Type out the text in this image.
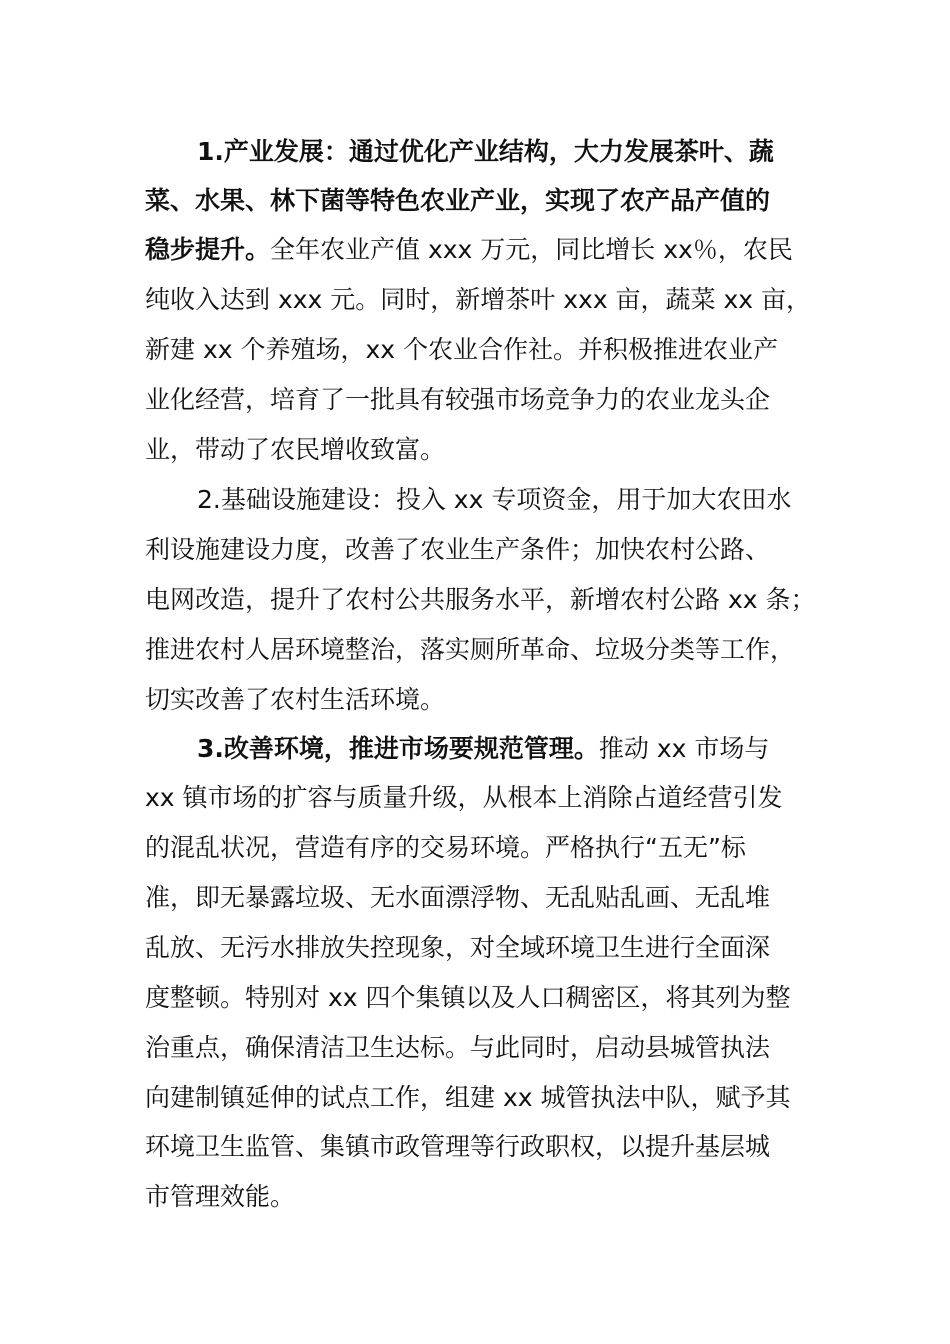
1.产业发展：通过优化产业结构，大力发展茶叶、蔬
菜、水果、林下菌等特色农业产业，实现了农产品产值的
稳步提升。全年农业产值 xxx 万元，同比增长 xx％，农民
纯收入达到 xxx 元。同时，新增茶叶 xxx 亩，蔬菜 xx 亩，
新建 xx 个养殖场，xx 个农业合作社。并积极推进农业产
业化经营，培育了一批具有较强市场竞争力的农业龙头企
业，带动了农民增收致富。
2.基础设施建设：投入 xx 专项资金，用于加大农田水
利设施建设力度，改善了农业生产条件；加快农村公路、
电网改造，提升了农村公共服务水平，新增农村公路 xx 条；
推进农村人居环境整治，落实厕所革命、垃圾分类等工作，
切实改善了农村生活环境。
3.改善环境，推进市场要规范管理。推动 xx 市场与
xx 镇市场的扩容与质量升级，从根本上消除占道经营引发
的混乱状况，营造有序的交易环境。严格执行“五无”标
准，即无暴露垃圾、无水面漂浮物、无乱贴乱画、无乱堆
乱放、无污水排放失控现象，对全域环境卫生进行全面深
度整顿。特别对 xx 四个集镇以及人口稠密区，将其列为整
治重点，确保清洁卫生达标。与此同时，启动县城管执法
向建制镇延伸的试点工作，组建 xx 城管执法中队，赋予其
环境卫生监管、集镇市政管理等行政职权，以提升基层城
市管理效能。
